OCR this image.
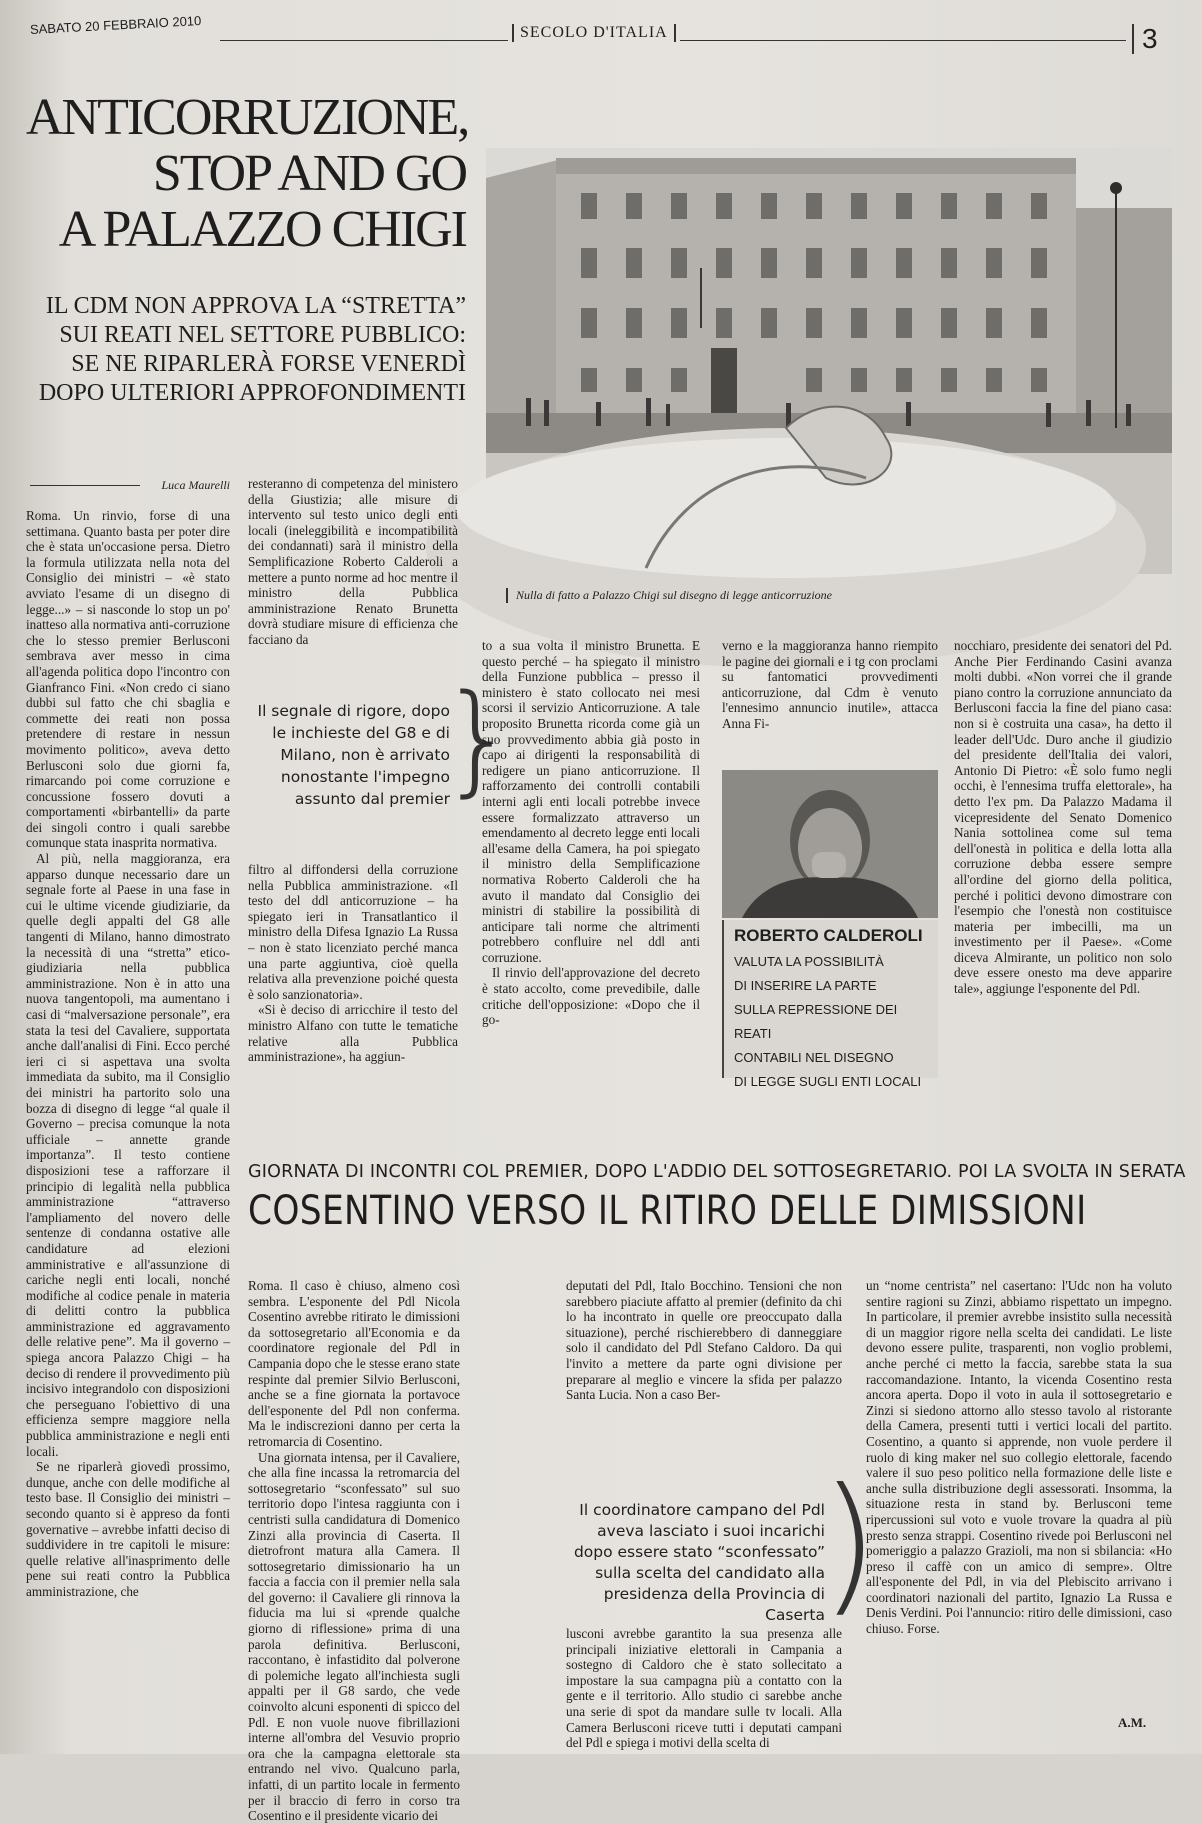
SABATO 20 FEBBRAIO 2010	SECOLO D'ITALIA	3
ANTICORRUZIONE,
STOP AND GO
A PALAZZO CHIGI
IL CDM NON APPROVA LA “STRETTA”
SUI REATI NEL SETTORE PUBBLICO:
SE NE RIPARLERÀ FORSE VENERDÌ
DOPO ULTERIORI APPROFONDIMENTI
Nulla di fatto a Palazzo Chigi sul disegno di legge anticorruzione
Luca Maurelli

Roma. Un rinvio, forse di una settimana. Quanto basta per poter dire che è stata un'occasione persa. Dietro la formula utilizzata nella nota del Consiglio dei ministri – «è stato avviato l'esame di un disegno di legge...» – si nasconde lo stop un po' inatteso alla normativa anti-corruzione che lo stesso premier Berlusconi sembrava aver messo in cima all'agenda politica dopo l'incontro con Gianfranco Fini. «Non credo ci siano dubbi sul fatto che chi sbaglia e commette dei reati non possa pretendere di restare in nessun movimento politico», aveva detto Berlusconi solo due giorni fa, rimarcando poi come corruzione e concussione fossero dovuti a comportamenti «birbantelli» da parte dei singoli contro i quali sarebbe comunque stata inasprita normativa.

Al più, nella maggioranza, era apparso dunque necessario dare un segnale forte al Paese in una fase in cui le ultime vicende giudiziarie, da quelle degli appalti del G8 alle tangenti di Milano, hanno dimostrato la necessità di una “stretta” etico-giudiziaria nella pubblica amministrazione. Non è in atto una nuova tangentopoli, ma aumentano i casi di “malversazione personale”, era stata la tesi del Cavaliere, supportata anche dall'analisi di Fini. Ecco perché ieri ci si aspettava una svolta immediata da subito, ma il Consiglio dei ministri ha partorito solo una bozza di disegno di legge “al quale il Governo – precisa comunque la nota ufficiale – annette grande importanza”. Il testo contiene disposizioni tese a rafforzare il principio di legalità nella pubblica amministrazione “attraverso l'ampliamento del novero delle sentenze di condanna ostative alle candidature ad elezioni amministrative e all'assunzione di cariche negli enti locali, nonché modifiche al codice penale in materia di delitti contro la pubblica amministrazione ed aggravamento delle relative pene”. Ma il governo – spiega ancora Palazzo Chigi – ha deciso di rendere il provvedimento più incisivo integrandolo con disposizioni che perseguano l'obiettivo di una efficienza sempre maggiore nella pubblica amministrazione e negli enti locali.

Se ne riparlerà giovedì prossimo, dunque, anche con delle modifiche al testo base. Il Consiglio dei ministri – secondo quanto si è appreso da fonti governative – avrebbe infatti deciso di suddividere in tre capitoli le misure: quelle relative all'inasprimento delle pene sui reati contro la Pubblica amministrazione, che

resteranno di competenza del ministero della Giustizia; alle misure di intervento sul testo unico degli enti locali (ineleggibilità e incompatibilità dei condannati) sarà il ministro della Semplificazione Roberto Calderoli a mettere a punto norme ad hoc mentre il ministro della Pubblica amministrazione Renato Brunetta dovrà studiare misure di efficienza che facciano da

Il segnale di rigore, dopo le inchieste del G8 e di Milano, non è arrivato nonostante l'impegno assunto dal premier
}

filtro al diffondersi della corruzione nella Pubblica amministrazione. «Il testo del ddl anticorruzione – ha spiegato ieri in Transatlantico il ministro della Difesa Ignazio La Russa – non è stato licenziato perché manca una parte aggiuntiva, cioè quella relativa alla prevenzione poiché questa è solo sanzionatoria».

«Si è deciso di arricchire il testo del ministro Alfano con tutte le tematiche relative alla Pubblica amministrazione», ha aggiun-

to a sua volta il ministro Brunetta. E questo perché – ha spiegato il ministro della Funzione pubblica – presso il ministero è stato collocato nei mesi scorsi il servizio Anticorruzione. A tale proposito Brunetta ricorda come già un suo provvedimento abbia già posto in capo ai dirigenti la responsabilità di redigere un piano anticorruzione. Il rafforzamento dei controlli contabili interni agli enti locali potrebbe invece essere formalizzato attraverso un emendamento al decreto legge enti locali all'esame della Camera, ha poi spiegato il ministro della Semplificazione normativa Roberto Calderoli che ha avuto il mandato dal Consiglio dei ministri di stabilire la possibilità di anticipare tali norme che altrimenti potrebbero confluire nel ddl anti corruzione.

Il rinvio dell'approvazione del decreto è stato accolto, come prevedibile, dalle critiche dell'opposizione: «Dopo che il go-

verno e la maggioranza hanno riempito le pagine dei giornali e i tg con proclami su fantomatici provvedimenti anticorruzione, dal Cdm è venuto l'ennesimo annuncio inutile», attacca Anna Fi-

ROBERTO CALDEROLI
VALUTA LA POSSIBILITÀ
DI INSERIRE LA PARTE
SULLA REPRESSIONE DEI REATI
CONTABILI NEL DISEGNO
DI LEGGE SUGLI ENTI LOCALI

nocchiaro, presidente dei senatori del Pd. Anche Pier Ferdinando Casini avanza molti dubbi. «Non vorrei che il grande piano contro la corruzione annunciato da Berlusconi faccia la fine del piano casa: non si è costruita una casa», ha detto il leader dell'Udc. Duro anche il giudizio del presidente dell'Italia dei valori, Antonio Di Pietro: «È solo fumo negli occhi, è l'ennesima truffa elettorale», ha detto l'ex pm. Da Palazzo Madama il vicepresidente del Senato Domenico Nania sottolinea come sul tema dell'onestà in politica e della lotta alla corruzione debba essere sempre all'ordine del giorno della politica, perché i politici devono dimostrare con l'esempio che l'onestà non costituisce materia per imbecilli, ma un investimento per il Paese». «Come diceva Almirante, un politico non solo deve essere onesto ma deve apparire tale», aggiunge l'esponente del Pdl.

GIORNATA DI INCONTRI COL PREMIER, DOPO L'ADDIO DEL SOTTOSEGRETARIO. POI LA SVOLTA IN SERATA
COSENTINO VERSO IL RITIRO DELLE DIMISSIONI

Roma. Il caso è chiuso, almeno così sembra. L'esponente del Pdl Nicola Cosentino avrebbe ritirato le dimissioni da sottosegretario all'Economia e da coordinatore regionale del Pdl in Campania dopo che le stesse erano state respinte dal premier Silvio Berlusconi, anche se a fine giornata la portavoce dell'esponente del Pdl non conferma. Ma le indiscrezioni danno per certa la retromarcia di Cosentino.

Una giornata intensa, per il Cavaliere, che alla fine incassa la retromarcia del sottosegretario “sconfessato” sul suo territorio dopo l'intesa raggiunta con i centristi sulla candidatura di Domenico Zinzi alla provincia di Caserta. Il dietrofront matura alla Camera. Il sottosegretario dimissionario ha un faccia a faccia con il premier nella sala del governo: il Cavaliere gli rinnova la fiducia ma lui si «prende qualche giorno di riflessione» prima di una parola definitiva. Berlusconi, raccontano, è infastidito dal polverone di polemiche legato all'inchiesta sugli appalti per il G8 sardo, che vede coinvolto alcuni esponenti di spicco del Pdl. E non vuole nuove fibrillazioni interne all'ombra del Vesuvio proprio ora che la campagna elettorale sta entrando nel vivo. Qualcuno parla, infatti, di un partito locale in fermento per il braccio di ferro in corso tra Cosentino e il presidente vicario dei

deputati del Pdl, Italo Bocchino. Tensioni che non sarebbero piaciute affatto al premier (definito da chi lo ha incontrato in quelle ore preoccupato dalla situazione), perché rischierebbero di danneggiare solo il candidato del Pdl Stefano Caldoro. Da qui l'invito a mettere da parte ogni divisione per preparare al meglio e vincere la sfida per palazzo Santa Lucia. Non a caso Ber-

Il coordinatore campano del Pdl aveva lasciato i suoi incarichi dopo essere stato “sconfessato” sulla scelta del candidato alla presidenza della Provincia di Caserta
)

lusconi avrebbe garantito la sua presenza alle principali iniziative elettorali in Campania a sostegno di Caldoro che è stato sollecitato a impostare la sua campagna più a contatto con la gente e il territorio. Allo studio ci sarebbe anche una serie di spot da mandare sulle tv locali. Alla Camera Berlusconi riceve tutti i deputati campani del Pdl e spiega i motivi della scelta di

un “nome centrista” nel casertano: l'Udc non ha voluto sentire ragioni su Zinzi, abbiamo rispettato un impegno. In particolare, il premier avrebbe insistito sulla necessità di un maggior rigore nella scelta dei candidati. Le liste devono essere pulite, trasparenti, non voglio problemi, anche perché ci metto la faccia, sarebbe stata la sua raccomandazione. Intanto, la vicenda Cosentino resta ancora aperta. Dopo il voto in aula il sottosegretario e Zinzi si siedono attorno allo stesso tavolo al ristorante della Camera, presenti tutti i vertici locali del partito. Cosentino, a quanto si apprende, non vuole perdere il ruolo di king maker nel suo collegio elettorale, facendo valere il suo peso politico nella formazione delle liste e anche sulla distribuzione degli assessorati. Insomma, la situazione resta in stand by. Berlusconi teme ripercussioni sul voto e vuole trovare la quadra al più presto senza strappi. Cosentino rivede poi Berlusconi nel pomeriggio a palazzo Grazioli, ma non si sbilancia: «Ho preso il caffè con un amico di sempre». Oltre all'esponente del Pdl, in via del Plebiscito arrivano i coordinatori nazionali del partito, Ignazio La Russa e Denis Verdini. Poi l'annuncio: ritiro delle dimissioni, caso chiuso. Forse.

A.M.
